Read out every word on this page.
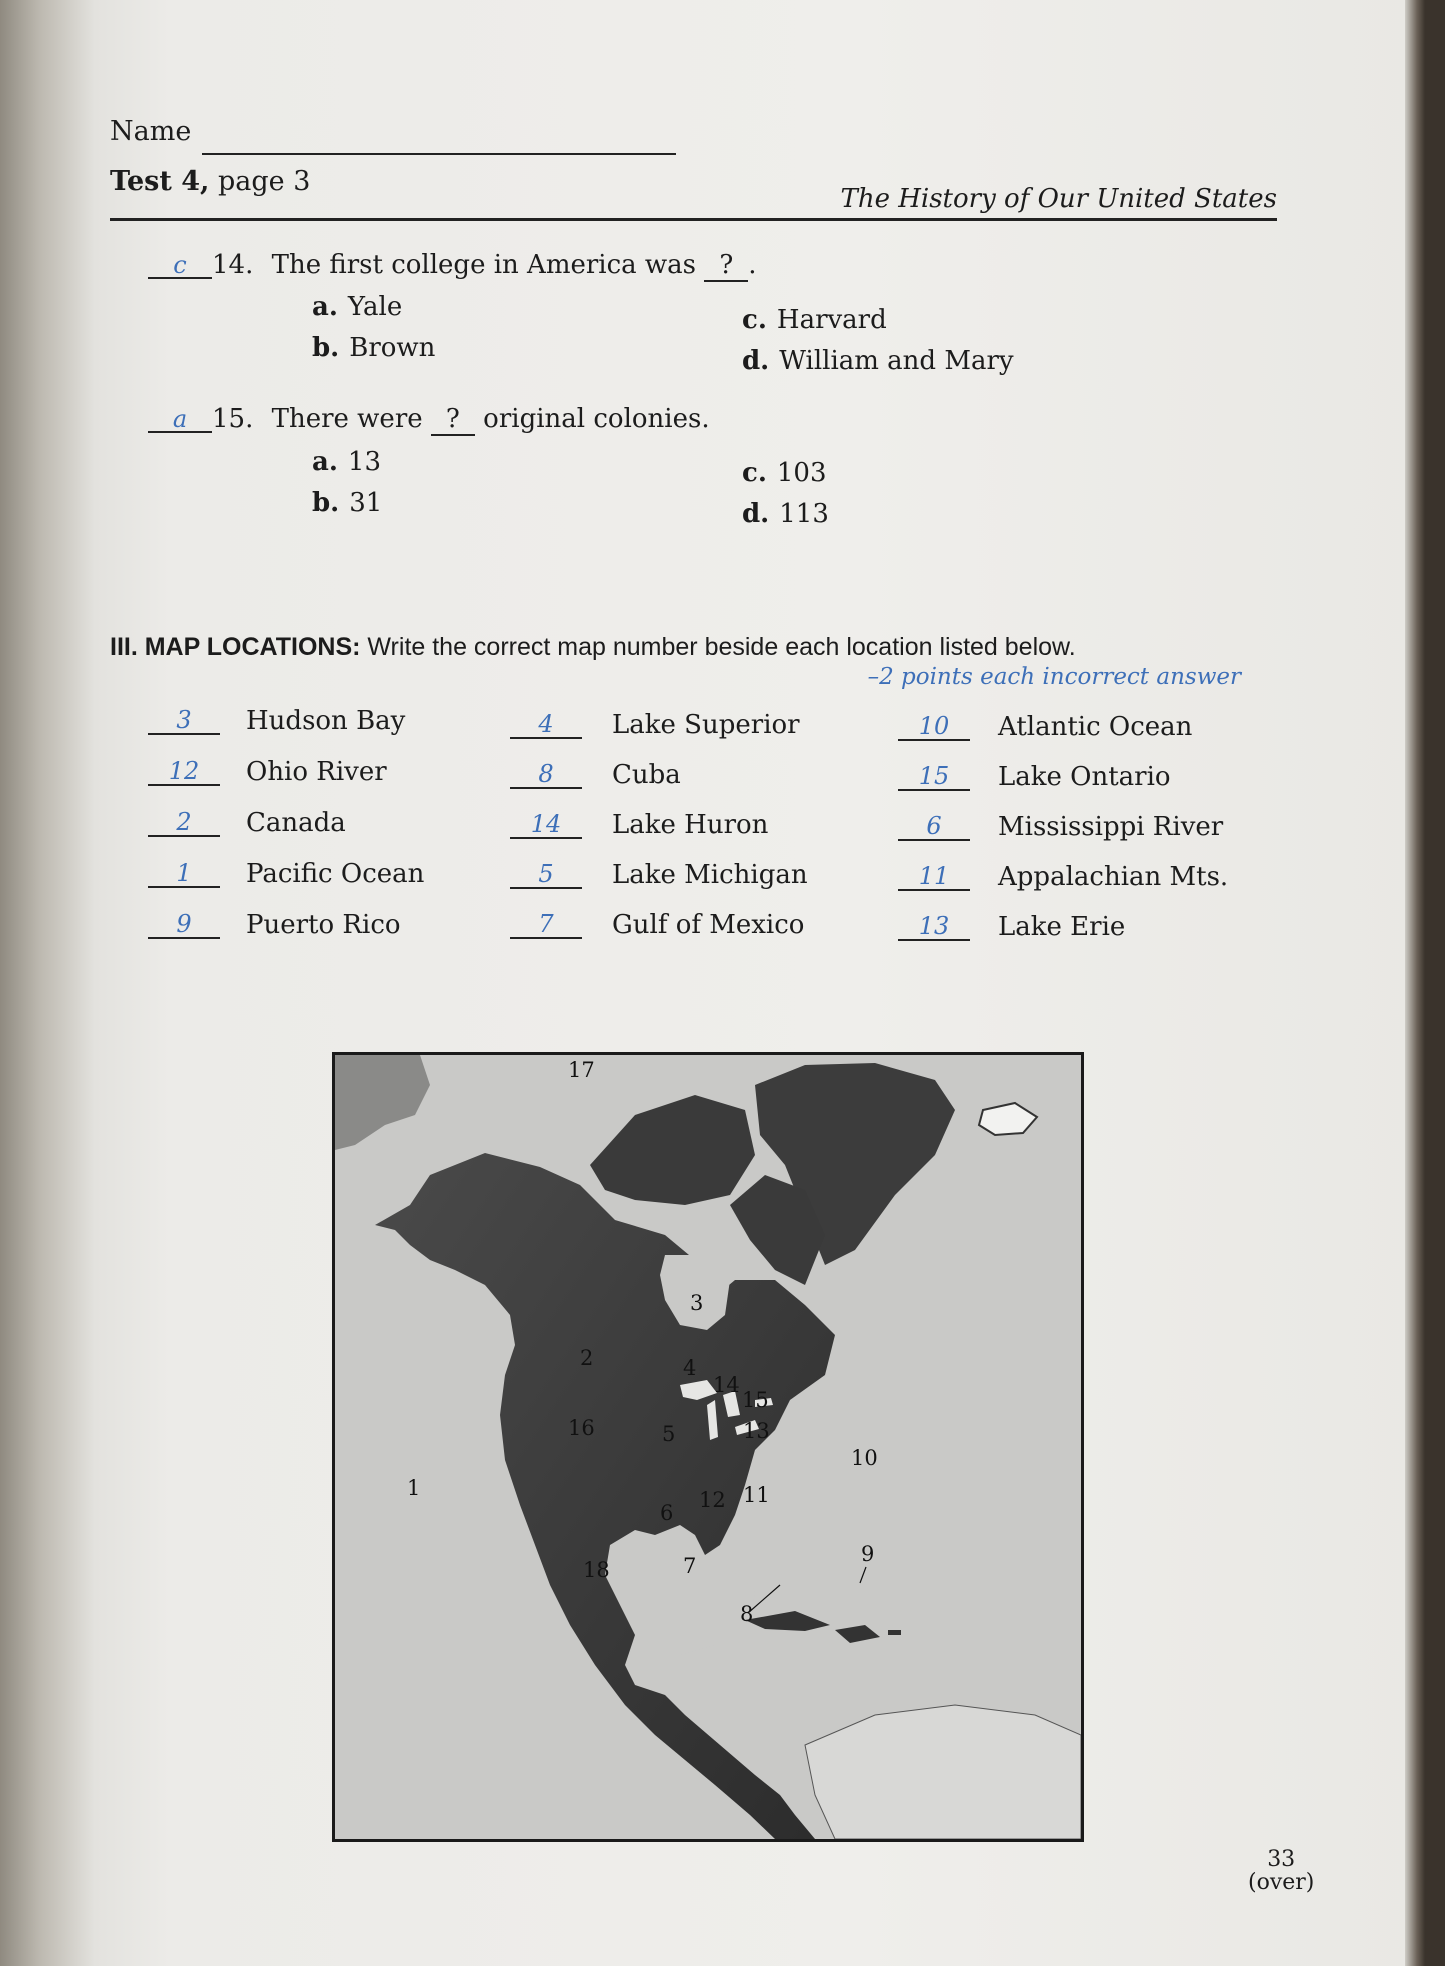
Name
Test 4, page 3
The History of Our United States
c 14. The first college in America was ? .
a. Yale
b. Brown
c. Harvard
d. William and Mary
a 15. There were ? original colonies.
a. 13
b. 31
c. 103
d. 113
III. MAP LOCATIONS: Write the correct map number beside each location listed below.
–2 points each incorrect answer
3	Hudson Bay
12	Ohio River
2	Canada
1	Pacific Ocean
9	Puerto Rico
4	Lake Superior
8	Cuba
14	Lake Huron
5	Lake Michigan
7	Gulf of Mexico
10	Atlantic Ocean
15	Lake Ontario
6	Mississippi River
11	Appalachian Mts.
13	Lake Erie
17
3
2	4
14
15
16	5	13
10
1	12 11
6
9
18	7
8
33
(over)
